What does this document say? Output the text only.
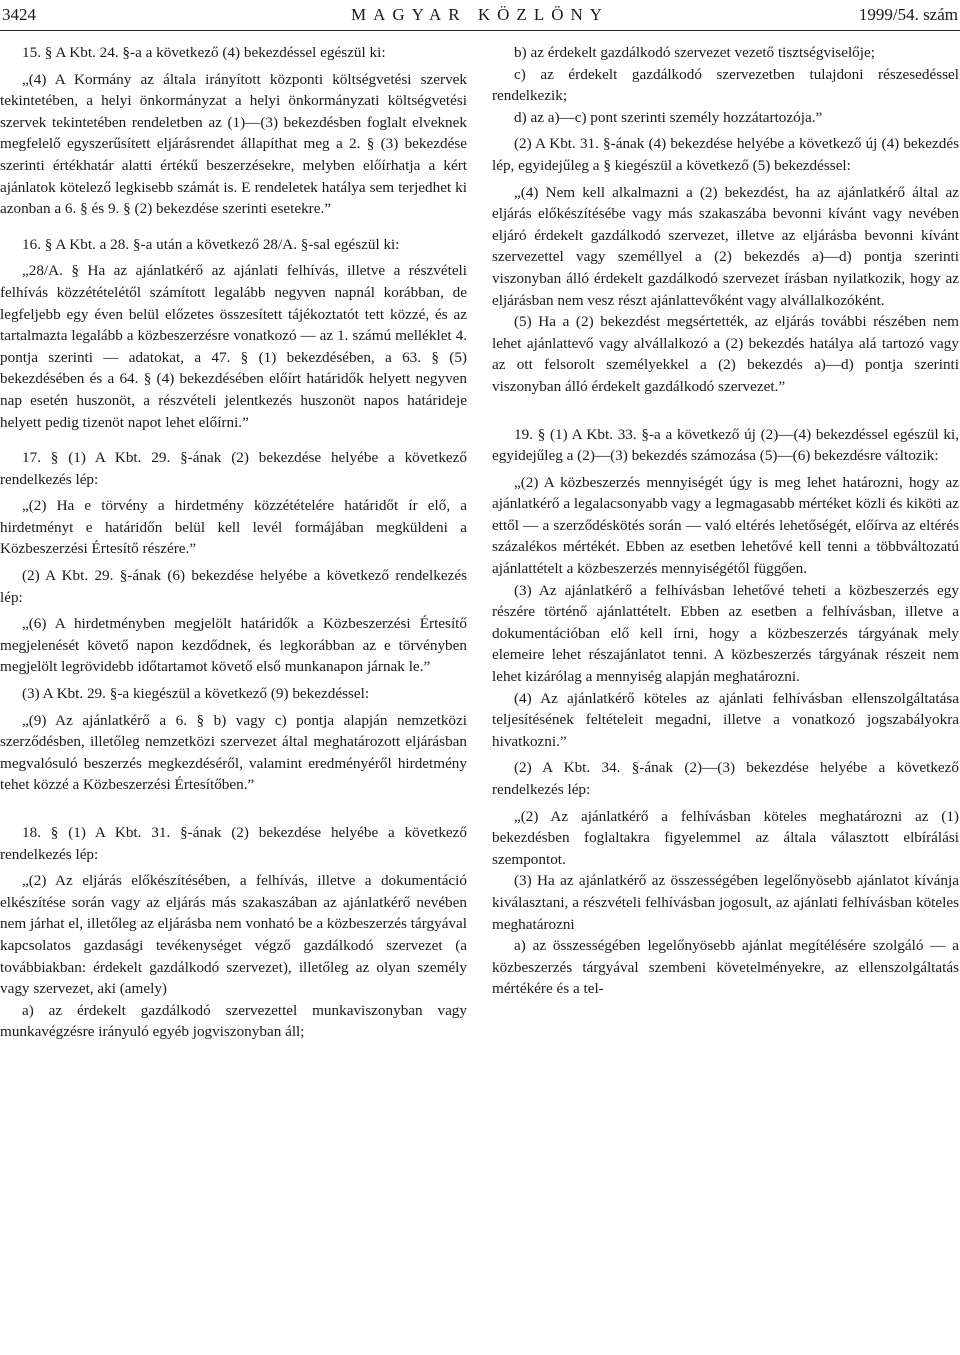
3424	MAGYAR KÖZLÖNY	1999/54. szám

15. § A Kbt. 24. §-a a következő (4) bekezdéssel egészül ki:

„(4) A Kormány az általa irányított központi költségvetési szervek tekintetében, a helyi önkormányzat a helyi önkormányzati költségvetési szervek tekintetében rendeletben az (1)—(3) bekezdésben foglalt elveknek megfelelő egyszerűsített eljárásrendet állapíthat meg a 2. § (3) bekezdése szerinti értékhatár alatti értékű beszerzésekre, melyben előírhatja a kért ajánlatok kötelező legkisebb számát is. E rendeletek hatálya sem terjedhet ki azonban a 6. § és 9. § (2) bekezdése szerinti esetekre.”

16. § A Kbt. a 28. §-a után a következő 28/A. §-sal egészül ki:

„28/A. § Ha az ajánlatkérő az ajánlati felhívás, illetve a részvételi felhívás közzétételétől számított legalább negyven napnál korábban, de legfeljebb egy éven belül előzetes összesített tájékoztatót tett közzé, és az tartalmazta legalább a közbeszerzésre vonatkozó — az 1. számú melléklet 4. pontja szerinti — adatokat, a 47. § (1) bekezdésében, a 63. § (5) bekezdésében és a 64. § (4) bekezdésében előírt határidők helyett negyven nap esetén huszonöt, a részvételi jelentkezés huszonöt napos határideje helyett pedig tizenöt napot lehet előírni.”

17. § (1) A Kbt. 29. §-ának (2) bekezdése helyébe a következő rendelkezés lép:

„(2) Ha e törvény a hirdetmény közzétételére határidőt ír elő, a hirdetményt e határidőn belül kell levél formájában megküldeni a Közbeszerzési Értesítő részére.”

(2) A Kbt. 29. §-ának (6) bekezdése helyébe a következő rendelkezés lép:

„(6) A hirdetményben megjelölt határidők a Közbeszerzési Értesítő megjelenését követő napon kezdődnek, és legkorábban az e törvényben megjelölt legrövidebb időtartamot követő első munkanapon járnak le.”

(3) A Kbt. 29. §-a kiegészül a következő (9) bekezdéssel:

„(9) Az ajánlatkérő a 6. § b) vagy c) pontja alapján nemzetközi szerződésben, illetőleg nemzetközi szervezet által meghatározott eljárásban megvalósuló beszerzés megkezdéséről, valamint eredményéről hirdetmény tehet közzé a Közbeszerzési Értesítőben.”

18. § (1) A Kbt. 31. §-ának (2) bekezdése helyébe a következő rendelkezés lép:

„(2) Az eljárás előkészítésében, a felhívás, illetve a dokumentáció elkészítése során vagy az eljárás más szakaszában az ajánlatkérő nevében nem járhat el, illetőleg az eljárásba nem vonható be a közbeszerzés tárgyával kapcsolatos gazdasági tevékenységet végző gazdálkodó szervezet (a továbbiakban: érdekelt gazdálkodó szervezet), illetőleg az olyan személy vagy szervezet, aki (amely)

a) az érdekelt gazdálkodó szervezettel munkaviszonyban vagy munkavégzésre irányuló egyéb jogviszonyban áll;

b) az érdekelt gazdálkodó szervezet vezető tisztségviselője;

c) az érdekelt gazdálkodó szervezetben tulajdoni részesedéssel rendelkezik;

d) az a)—c) pont szerinti személy hozzátartozója.”

(2) A Kbt. 31. §-ának (4) bekezdése helyébe a következő új (4) bekezdés lép, egyidejűleg a § kiegészül a következő (5) bekezdéssel:

„(4) Nem kell alkalmazni a (2) bekezdést, ha az ajánlatkérő által az eljárás előkészítésébe vagy más szakaszába bevonni kívánt vagy nevében eljáró érdekelt gazdálkodó szervezet, illetve az eljárásba bevonni kívánt szervezettel vagy személlyel a (2) bekezdés a)—d) pontja szerinti viszonyban álló érdekelt gazdálkodó szervezet írásban nyilatkozik, hogy az eljárásban nem vesz részt ajánlattevőként vagy alvállalkozóként.

(5) Ha a (2) bekezdést megsértették, az eljárás további részében nem lehet ajánlattevő vagy alvállalkozó a (2) bekezdés hatálya alá tartozó vagy az ott felsorolt személyekkel a (2) bekezdés a)—d) pontja szerinti viszonyban álló érdekelt gazdálkodó szervezet.”

19. § (1) A Kbt. 33. §-a a következő új (2)—(4) bekezdéssel egészül ki, egyidejűleg a (2)—(3) bekezdés számozása (5)—(6) bekezdésre változik:

„(2) A közbeszerzés mennyiségét úgy is meg lehet határozni, hogy az ajánlatkérő a legalacsonyabb vagy a legmagasabb mértéket közli és kiköti az ettől — a szerződéskötés során — való eltérés lehetőségét, előírva az eltérés százalékos mértékét. Ebben az esetben lehetővé kell tenni a többváltozatú ajánlattételt a közbeszerzés mennyiségétől függően.

(3) Az ajánlatkérő a felhívásban lehetővé teheti a közbeszerzés egy részére történő ajánlattételt. Ebben az esetben a felhívásban, illetve a dokumentációban elő kell írni, hogy a közbeszerzés tárgyának mely elemeire lehet részajánlatot tenni. A közbeszerzés tárgyának részeit nem lehet kizárólag a mennyiség alapján meghatározni.

(4) Az ajánlatkérő köteles az ajánlati felhívásban ellenszolgáltatása teljesítésének feltételeit megadni, illetve a vonatkozó jogszabályokra hivatkozni.”

(2) A Kbt. 34. §-ának (2)—(3) bekezdése helyébe a következő rendelkezés lép:

„(2) Az ajánlatkérő a felhívásban köteles meghatározni az (1) bekezdésben foglaltakra figyelemmel az általa választott elbírálási szempontot.

(3) Ha az ajánlatkérő az összességében legelőnyösebb ajánlatot kívánja kiválasztani, a részvételi felhívásban jogosult, az ajánlati felhívásban köteles meghatározni

a) az összességében legelőnyösebb ajánlat megítélésére szolgáló — a közbeszerzés tárgyával szembeni követelményekre, az ellenszolgáltatás mértékére és a tel-
